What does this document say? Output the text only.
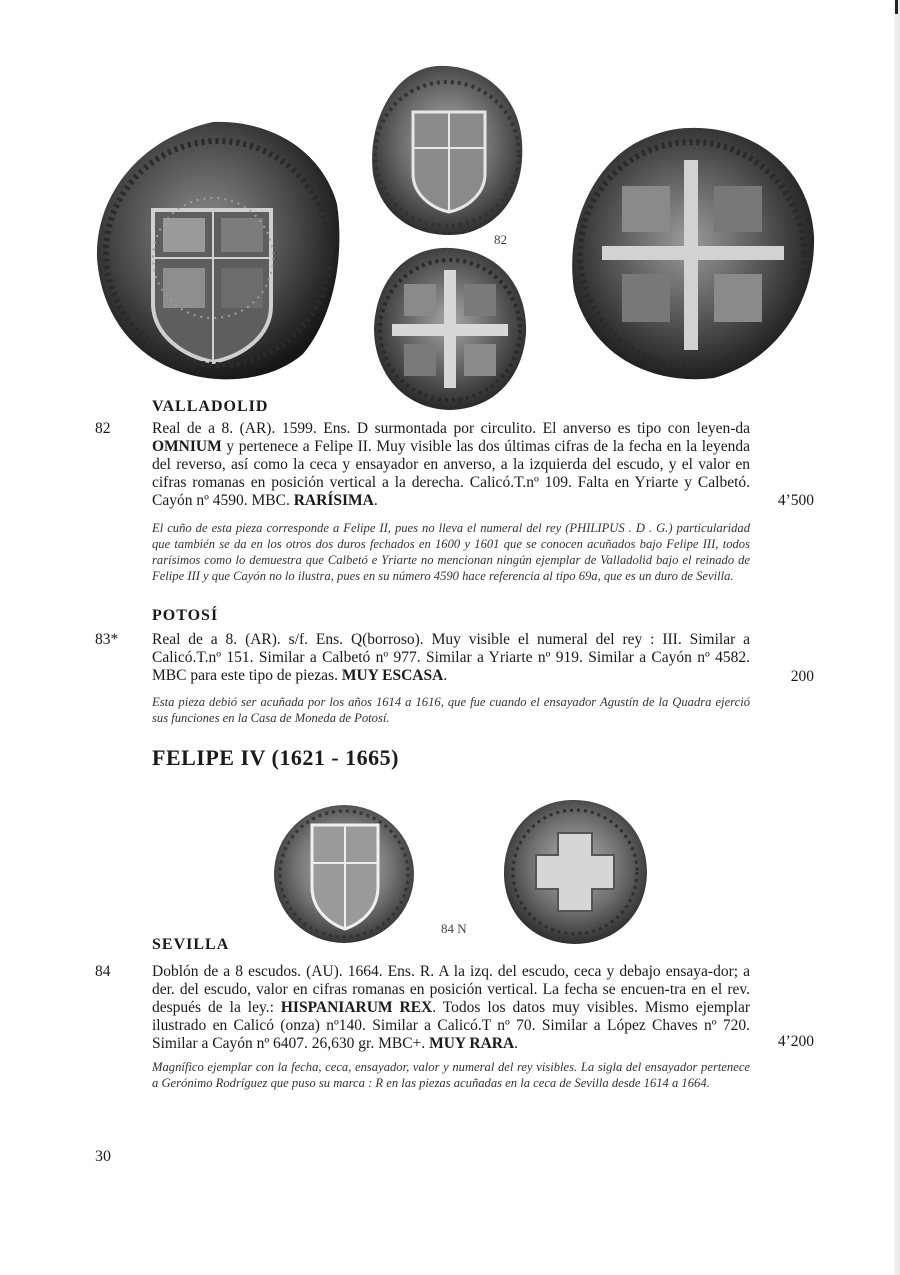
82
VALLADOLID
82	Real de a 8. (AR). 1599. Ens. D surmontada por circulito. El anverso es tipo con leyen-da OMNIUM y pertenece a Felipe II. Muy visible las dos últimas cifras de la fecha en la leyenda del reverso, así como la ceca y ensayador en anverso, a la izquierda del escudo, y el valor en cifras romanas en posición vertical a la derecha. Calicó.T.nº 109. Falta en Yriarte y Calbetó. Cayón nº 4590. MBC. RARÍSIMA.	4’500
El cuño de esta pieza corresponde a Felipe II, pues no lleva el numeral del rey (PHILIPUS . D . G.) particularidad que también se da en los otros dos duros fechados en 1600 y 1601 que se conocen acuñados bajo Felipe III, todos rarísimos como lo demuestra que Calbetó e Yriarte no mencionan ningún ejemplar de Valladolid bajo el reinado de Felipe III y que Cayón no lo ilustra, pues en su número 4590 hace referencia al tipo 69a, que es un duro de Sevilla.
POTOSÍ
83* Real de a 8. (AR). s/f. Ens. Q(borroso). Muy visible el numeral del rey : III. Similar a Calicó.T.nº 151. Similar a Calbetó nº 977. Similar a Yriarte nº 919. Similar a Cayón nº 4582. MBC para este tipo de piezas. MUY ESCASA.	200
Esta pieza debió ser acuñada por los años 1614 a 1616, que fue cuando el ensayador Agustín de la Quadra ejerció sus funciones en la Casa de Moneda de Potosí.
FELIPE IV (1621 - 1665)
84 N
SEVILLA
84	Doblón de a 8 escudos. (AU). 1664. Ens. R. A la izq. del escudo, ceca y debajo ensaya-dor; a der. del escudo, valor en cifras romanas en posición vertical. La fecha se encuen-tra en el rev. después de la ley.: HISPANIARUM REX. Todos los datos muy visibles. Mismo ejemplar ilustrado en Calicó (onza) nº140. Similar a Calicó.T nº 70. Similar a López Chaves nº 720. Similar a Cayón nº 6407. 26,630 gr. MBC+. MUY RARA.	4’200
Magnífico ejemplar con la fecha, ceca, ensayador, valor y numeral del rey visibles. La sigla del ensayador pertenece a Gerónimo Rodríguez que puso su marca : R en las piezas acuñadas en la ceca de Sevilla desde 1614 a 1664.
30
